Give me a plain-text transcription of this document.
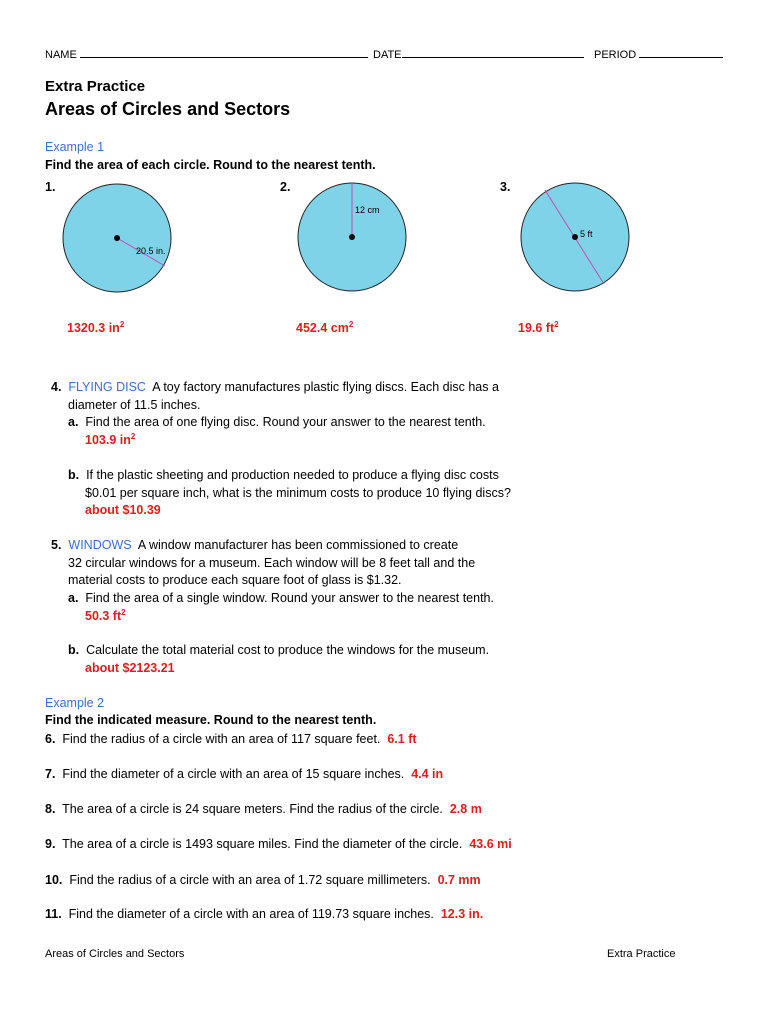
NAME	DATE	PERIOD
Extra Practice
Areas of Circles and Sectors
Example 1
Find the area of each circle. Round to the nearest tenth.
1.	2.	3.
20.5 in.
12 cm
5 ft
1320.3 $in^2$	452.4 $cm^2$	19.6 $ft^2$
4. FLYING DISC A toy factory manufactures plastic flying discs. Each disc has a
diameter of 11.5 inches.
a. Find the area of one flying disc. Round your answer to the nearest tenth.
103.9 $in^2$
b. If the plastic sheeting and production needed to produce a flying disc costs
$0.01 per square inch, what is the minimum costs to produce 10 flying discs?
about $10.39
5. WINDOWS A window manufacturer has been commissioned to create
32 circular windows for a museum. Each window will be 8 feet tall and the
material costs to produce each square foot of glass is $1.32.
a. Find the area of a single window. Round your answer to the nearest tenth.
50.3 $ft^2$
b. Calculate the total material cost to produce the windows for the museum.
about $2123.21
Example 2
Find the indicated measure. Round to the nearest tenth.
6. Find the radius of a circle with an area of 117 square feet. 6.1 ft
7. Find the diameter of a circle with an area of 15 square inches. 4.4 in
8. The area of a circle is 24 square meters. Find the radius of the circle. 2.8 m
9. The area of a circle is 1493 square miles. Find the diameter of the circle. 43.6 mi
10. Find the radius of a circle with an area of 1.72 square millimeters. 0.7 mm
11. Find the diameter of a circle with an area of 119.73 square inches. 12.3 in.
Areas of Circles and Sectors	Extra Practice
